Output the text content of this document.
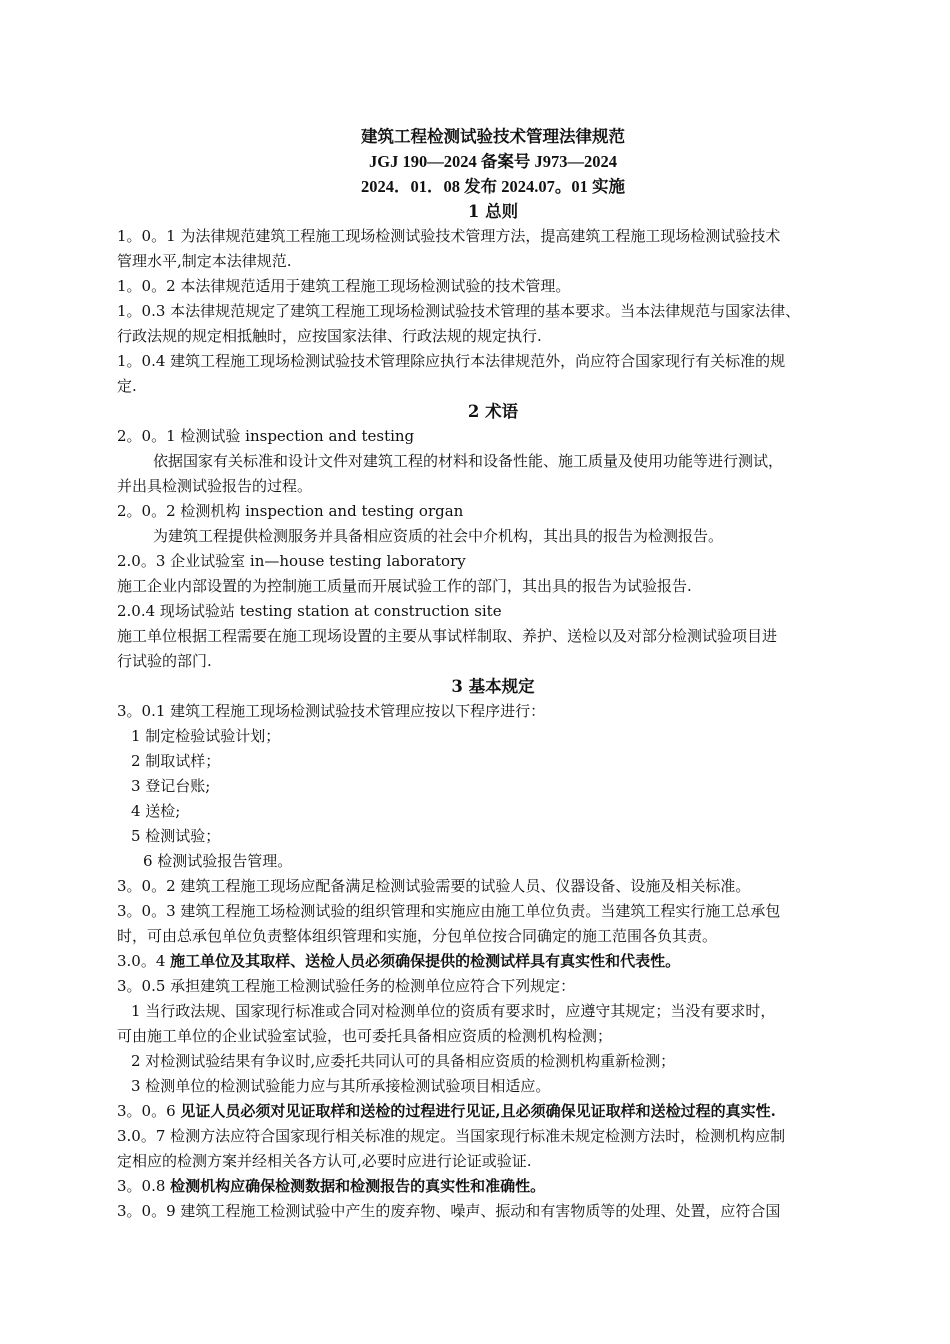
建筑工程检测试验技术管理法律规范
JGJ 190—2024 备案号 J973—2024
2024．01．08 发布 2024.07。01 实施
1 总则
1。0。1 为法律规范建筑工程施工现场检测试验技术管理方法，提高建筑工程施工现场检测试验技术
管理水平,制定本法律规范.
1。0。2 本法律规范适用于建筑工程施工现场检测试验的技术管理。
1。0.3 本法律规范规定了建筑工程施工现场检测试验技术管理的基本要求。当本法律规范与国家法律、
行政法规的规定相抵触时，应按国家法律、行政法规的规定执行.
1。0.4 建筑工程施工现场检测试验技术管理除应执行本法律规范外，尚应符合国家现行有关标准的规
定.
2 术语
2。0。1 检测试验 inspection and testing
依据国家有关标准和设计文件对建筑工程的材料和设备性能、施工质量及使用功能等进行测试，
并出具检测试验报告的过程。
2。0。2 检测机构 inspection and testing organ
为建筑工程提供检测服务并具备相应资质的社会中介机构，其出具的报告为检测报告。
2.0。3 企业试验室 in—house testing laboratory
施工企业内部设置的为控制施工质量而开展试验工作的部门，其出具的报告为试验报告.
2.0.4 现场试验站 testing station at construction site
施工单位根据工程需要在施工现场设置的主要从事试样制取、养护、送检以及对部分检测试验项目进
行试验的部门.
3 基本规定
3。0.1 建筑工程施工现场检测试验技术管理应按以下程序进行：
1 制定检验试验计划；
2 制取试样；
3 登记台账;
4 送检;
5 检测试验；
6 检测试验报告管理。
3。0。2 建筑工程施工现场应配备满足检测试验需要的试验人员、仪器设备、设施及相关标准。
3。0。3 建筑工程施工场检测试验的组织管理和实施应由施工单位负责。当建筑工程实行施工总承包
时，可由总承包单位负责整体组织管理和实施，分包单位按合同确定的施工范围各负其责。
3.0。4 施工单位及其取样、送检人员必须确保提供的检测试样具有真实性和代表性。
3。0.5 承担建筑工程施工检测试验任务的检测单位应符合下列规定：
1 当行政法规、国家现行标准或合同对检测单位的资质有要求时，应遵守其规定；当没有要求时，
可由施工单位的企业试验室试验，也可委托具备相应资质的检测机构检测；
2 对检测试验结果有争议时,应委托共同认可的具备相应资质的检测机构重新检测；
3 检测单位的检测试验能力应与其所承接检测试验项目相适应。
3。0。6 见证人员必须对见证取样和送检的过程进行见证,且必须确保见证取样和送检过程的真实性.
3.0。7 检测方法应符合国家现行相关标准的规定。当国家现行标准未规定检测方法时，检测机构应制
定相应的检测方案并经相关各方认可,必要时应进行论证或验证.
3。0.8 检测机构应确保检测数据和检测报告的真实性和准确性。
3。0。9 建筑工程施工检测试验中产生的废弃物、噪声、振动和有害物质等的处理、处置，应符合国
